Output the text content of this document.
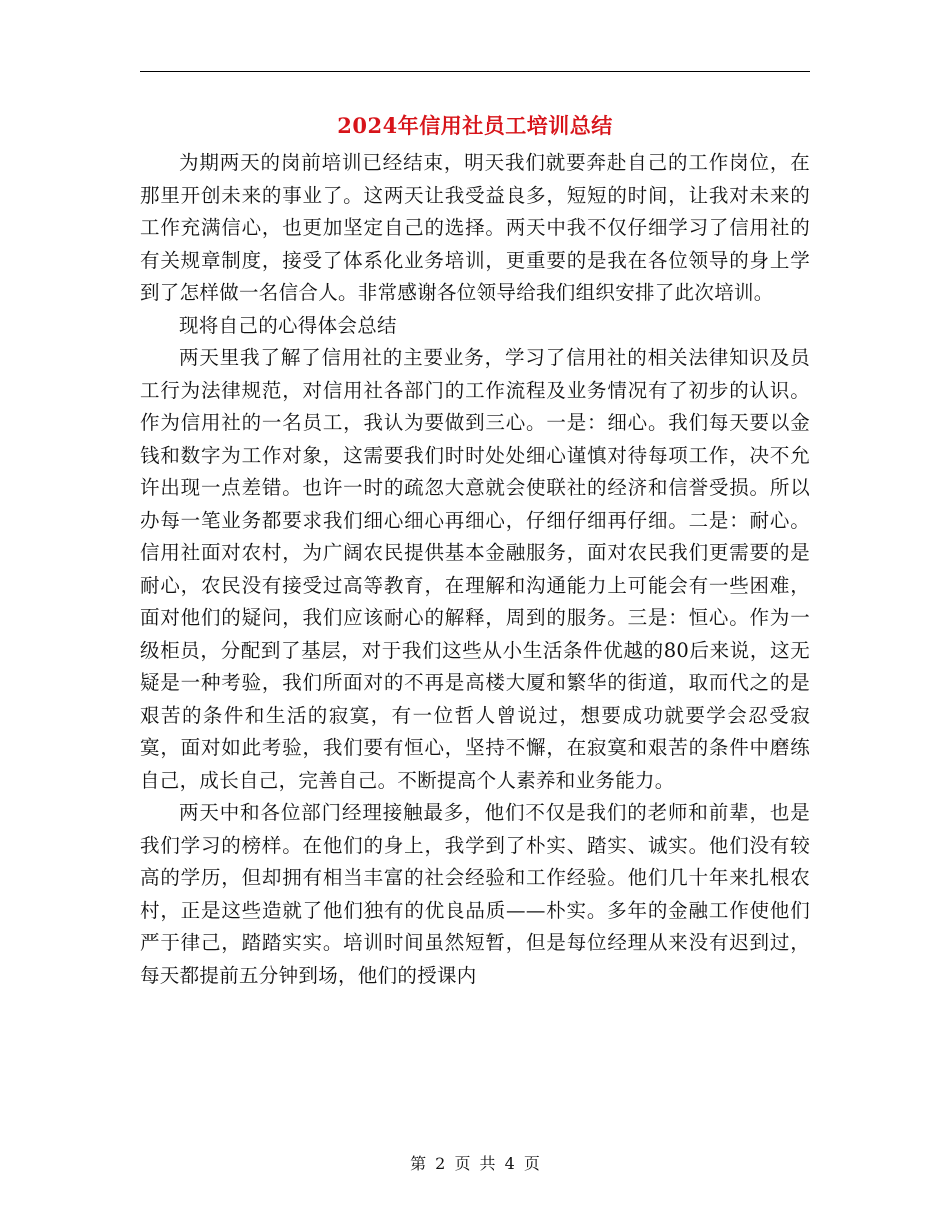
2024年信用社员工培训总结

为期两天的岗前培训已经结束，明天我们就要奔赴自己的工作岗位，在那里开创未来的事业了。这两天让我受益良多，短短的时间，让我对未来的工作充满信心，也更加坚定自己的选择。两天中我不仅仔细学习了信用社的有关规章制度，接受了体系化业务培训，更重要的是我在各位领导的身上学到了怎样做一名信合人。非常感谢各位领导给我们组织安排了此次培训。

现将自己的心得体会总结

两天里我了解了信用社的主要业务，学习了信用社的相关法律知识及员工行为法律规范，对信用社各部门的工作流程及业务情况有了初步的认识。作为信用社的一名员工，我认为要做到三心。一是：细心。我们每天要以金钱和数字为工作对象，这需要我们时时处处细心谨慎对待每项工作，决不允许出现一点差错。也许一时的疏忽大意就会使联社的经济和信誉受损。所以办每一笔业务都要求我们细心细心再细心，仔细仔细再仔细。二是：耐心。信用社面对农村，为广阔农民提供基本金融服务，面对农民我们更需要的是耐心，农民没有接受过高等教育，在理解和沟通能力上可能会有一些困难，面对他们的疑问，我们应该耐心的解释，周到的服务。三是：恒心。作为一级柜员，分配到了基层，对于我们这些从小生活条件优越的80后来说，这无疑是一种考验，我们所面对的不再是高楼大厦和繁华的街道，取而代之的是艰苦的条件和生活的寂寞，有一位哲人曾说过，想要成功就要学会忍受寂寞，面对如此考验，我们要有恒心，坚持不懈，在寂寞和艰苦的条件中磨练自己，成长自己，完善自己。不断提高个人素养和业务能力。

两天中和各位部门经理接触最多，他们不仅是我们的老师和前辈，也是我们学习的榜样。在他们的身上，我学到了朴实、踏实、诚实。他们没有较高的学历，但却拥有相当丰富的社会经验和工作经验。他们几十年来扎根农村，正是这些造就了他们独有的优良品质——朴实。多年的金融工作使他们严于律己，踏踏实实。培训时间虽然短暂，但是每位经理从来没有迟到过，每天都提前五分钟到场，他们的授课内

第 2 页 共 4 页
